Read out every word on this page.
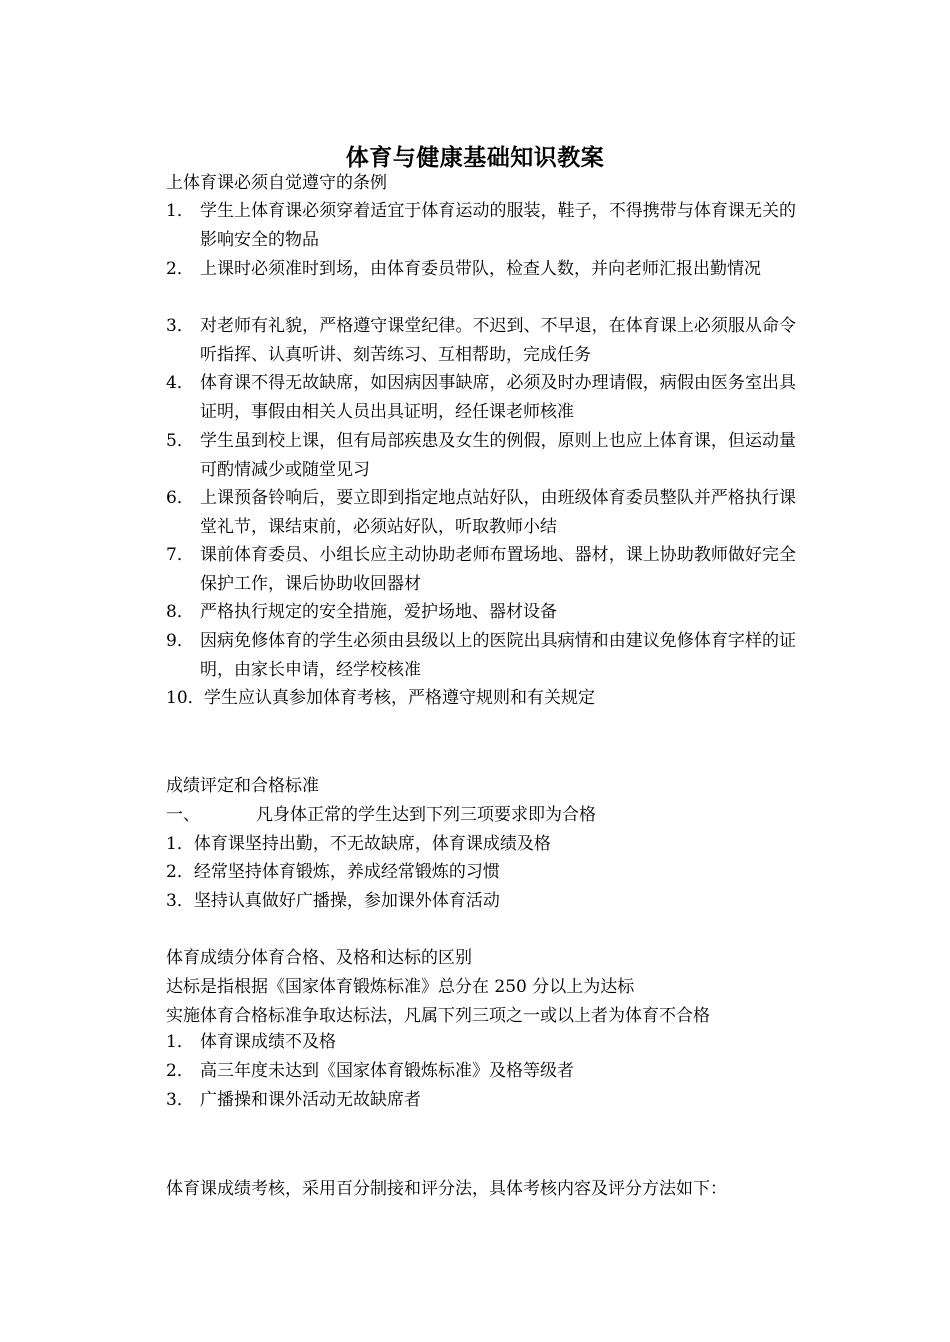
体育与健康基础知识教案
上体育课必须自觉遵守的条例
1． 学生上体育课必须穿着适宜于体育运动的服装，鞋子，不得携带与体育课无关的影响安全的物品
2． 上课时必须准时到场，由体育委员带队，检查人数，并向老师汇报出勤情况
3． 对老师有礼貌，严格遵守课堂纪律。不迟到、不早退，在体育课上必须服从命令听指挥、认真听讲、刻苦练习、互相帮助，完成任务
4． 体育课不得无故缺席，如因病因事缺席，必须及时办理请假，病假由医务室出具证明，事假由相关人员出具证明，经任课老师核准
5． 学生虽到校上课，但有局部疾患及女生的例假，原则上也应上体育课，但运动量可酌情减少或随堂见习
6． 上课预备铃响后，要立即到指定地点站好队，由班级体育委员整队并严格执行课堂礼节，课结束前，必须站好队，听取教师小结
7． 课前体育委员、小组长应主动协助老师布置场地、器材，课上协助教师做好完全保护工作，课后协助收回器材
8． 严格执行规定的安全措施，爱护场地、器材设备
9． 因病免修体育的学生必须由县级以上的医院出具病情和由建议免修体育字样的证明，由家长申请，经学校核准
10． 学生应认真参加体育考核，严格遵守规则和有关规定
成绩评定和合格标准
一、	凡身体正常的学生达到下列三项要求即为合格
1．体育课坚持出勤，不无故缺席，体育课成绩及格
2．经常坚持体育锻炼，养成经常锻炼的习惯
3．坚持认真做好广播操，参加课外体育活动
体育成绩分体育合格、及格和达标的区别
达标是指根据《国家体育锻炼标准》总分在 250 分以上为达标
实施体育合格标准争取达标法，凡属下列三项之一或以上者为体育不合格
1． 体育课成绩不及格
2． 高三年度未达到《国家体育锻炼标准》及格等级者
3． 广播操和课外活动无故缺席者
体育课成绩考核，采用百分制接和评分法，具体考核内容及评分方法如下：
